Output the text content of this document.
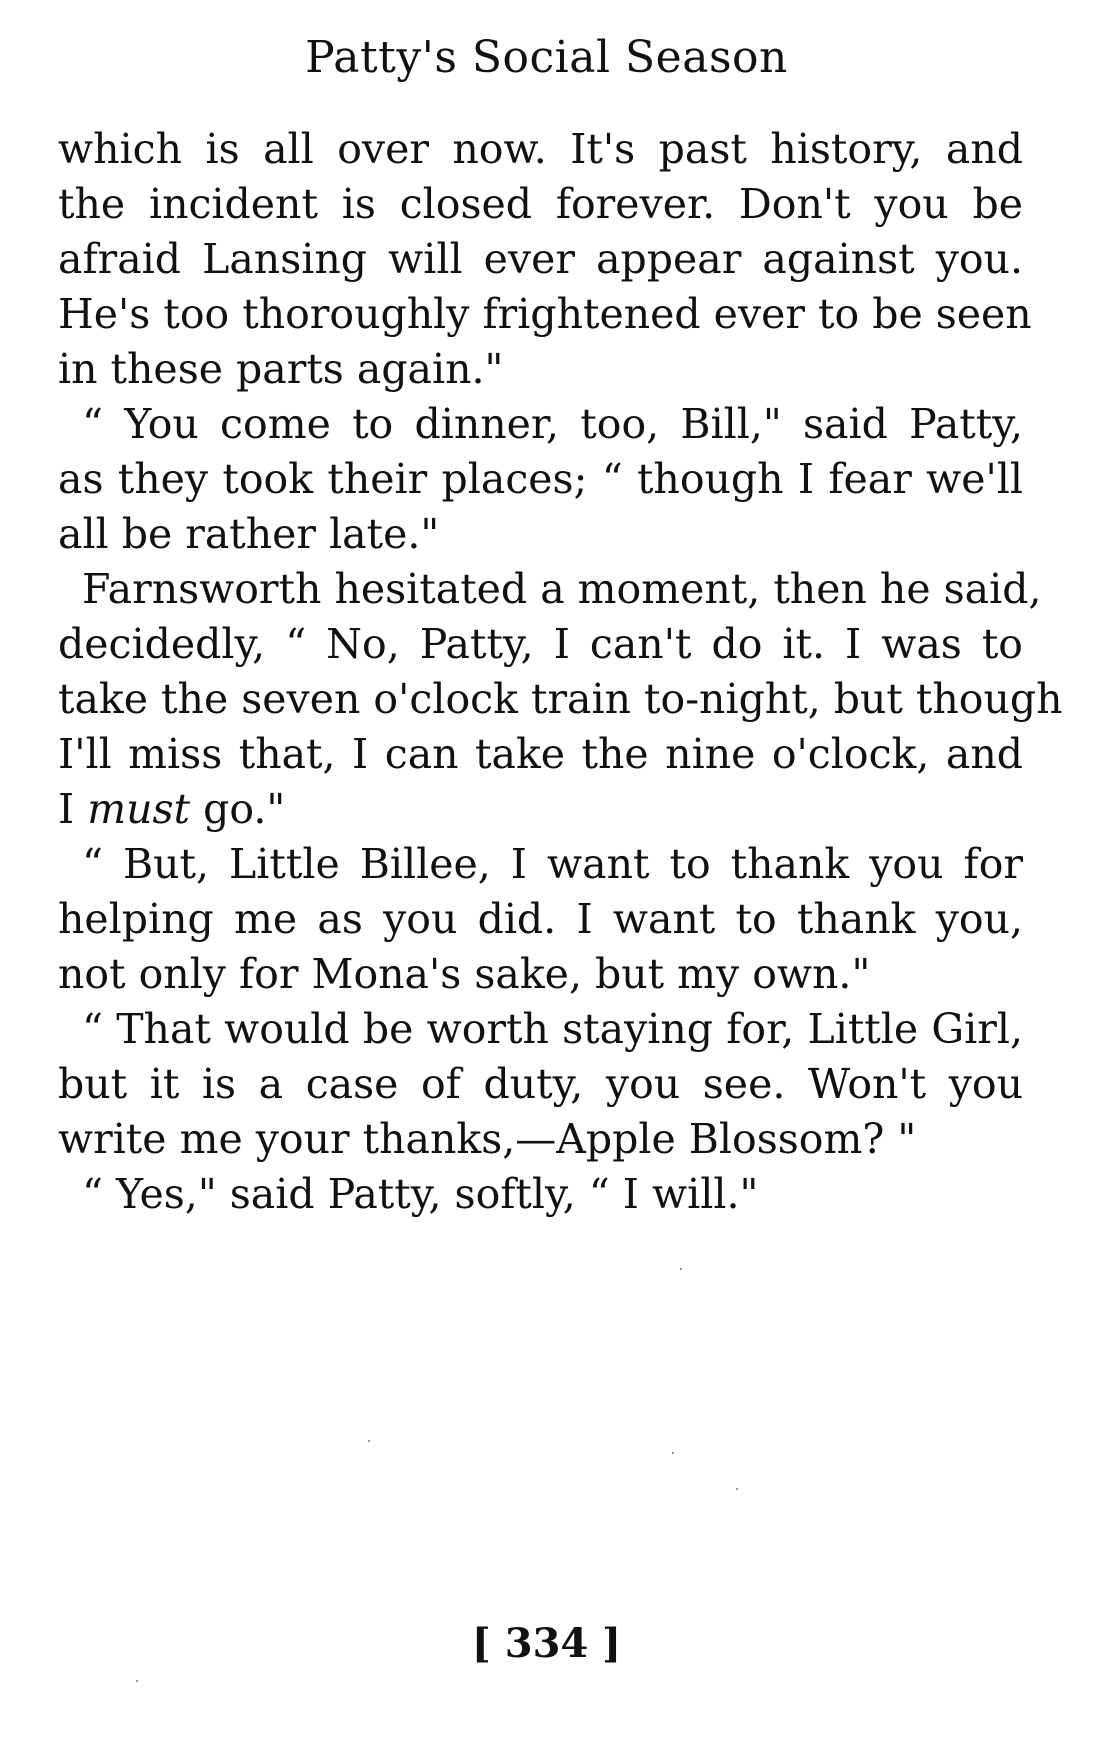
Patty's Social Season
which is all over now. It's past history, and
the incident is closed forever. Don't you be
afraid Lansing will ever appear against you.
He's too thoroughly frightened ever to be seen
in these parts again."
“ You come to dinner, too, Bill," said Patty,
as they took their places; “ though I fear we'll
all be rather late."
Farnsworth hesitated a moment, then he said,
decidedly, “ No, Patty, I can't do it. I was to
take the seven o'clock train to-night, but though
I'll miss that, I can take the nine o'clock, and
I must go."
“ But, Little Billee, I want to thank you for
helping me as you did. I want to thank you,
not only for Mona's sake, but my own."
“ That would be worth staying for, Little Girl,
but it is a case of duty, you see. Won't you
write me your thanks,—Apple Blossom? "
“ Yes," said Patty, softly, “ I will."
[ 334 ]
